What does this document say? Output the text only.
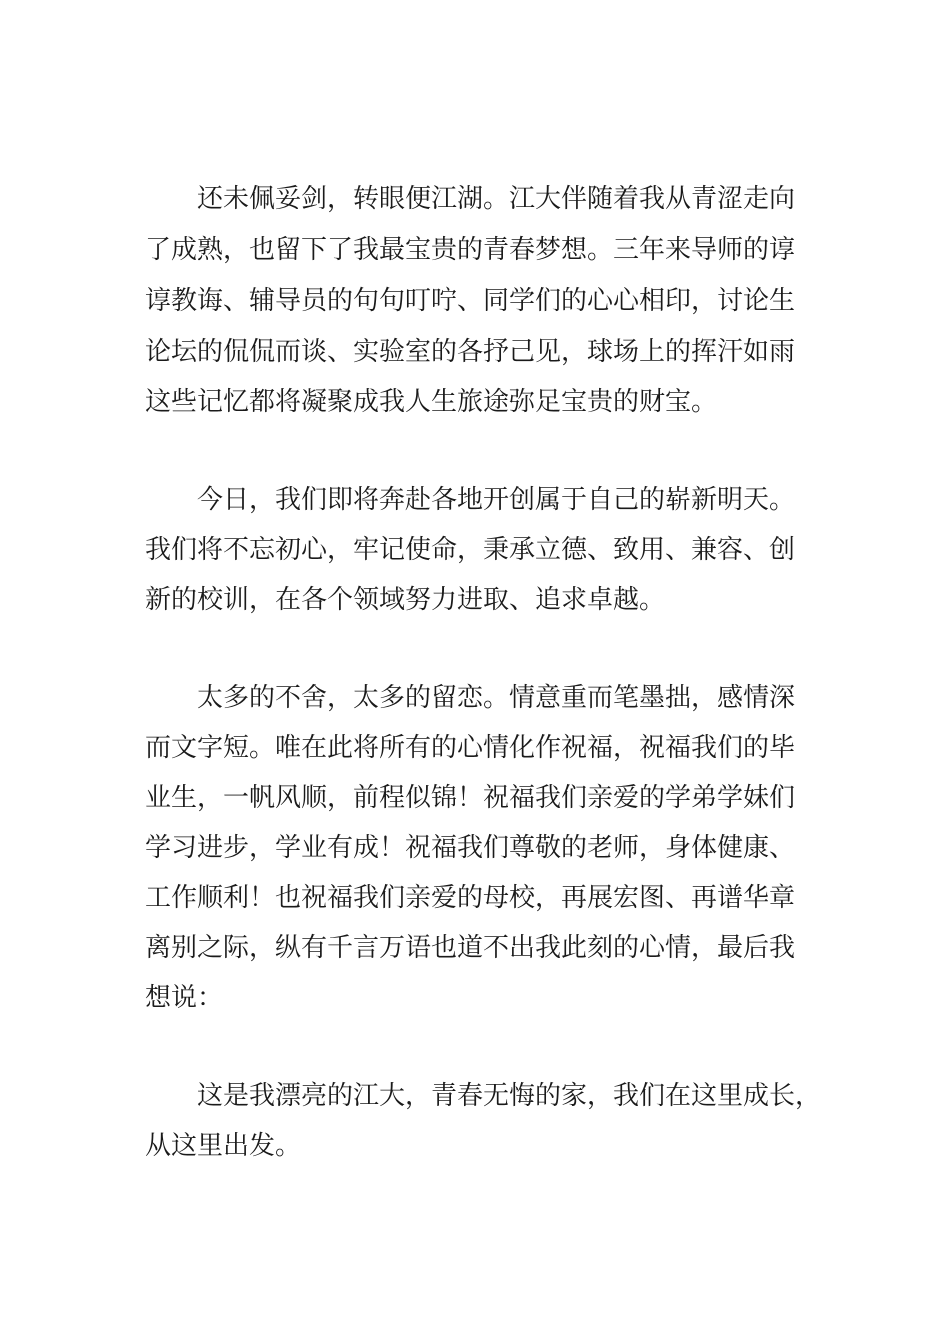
　　还未佩妥剑，转眼便江湖。江大伴随着我从青涩走向
了成熟，也留下了我最宝贵的青春梦想。三年来导师的谆
谆教诲、辅导员的句句叮咛、同学们的心心相印，讨论生
论坛的侃侃而谈、实验室的各抒己见，球场上的挥汗如雨
这些记忆都将凝聚成我人生旅途弥足宝贵的财宝。
　　今日，我们即将奔赴各地开创属于自己的崭新明天。
我们将不忘初心，牢记使命，秉承立德、致用、兼容、创
新的校训，在各个领域努力进取、追求卓越。
　　太多的不舍，太多的留恋。情意重而笔墨拙，感情深
而文字短。唯在此将所有的心情化作祝福，祝福我们的毕
业生，一帆风顺，前程似锦！祝福我们亲爱的学弟学妹们
学习进步，学业有成！祝福我们尊敬的老师，身体健康、
工作顺利！也祝福我们亲爱的母校，再展宏图、再谱华章
离别之际，纵有千言万语也道不出我此刻的心情，最后我
想说：
　　这是我漂亮的江大，青春无悔的家，我们在这里成长，
从这里出发。
